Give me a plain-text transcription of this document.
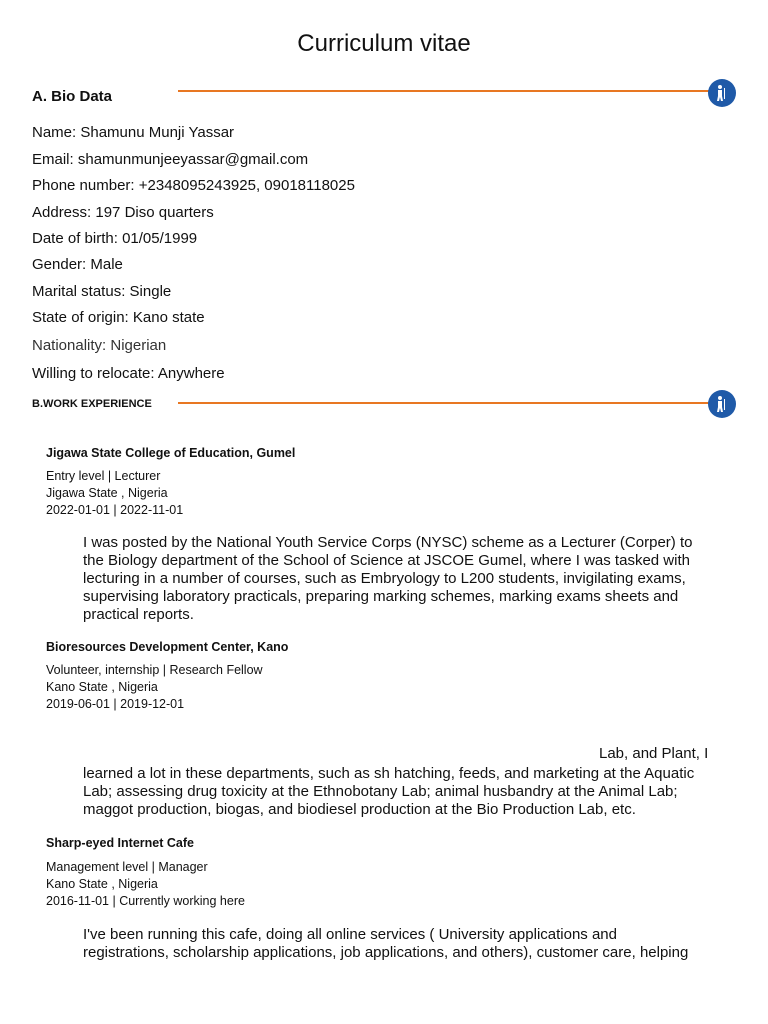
Curriculum vitae
A. Bio Data
Name: Shamunu Munji Yassar
Email: shamunmunjeeyassar@gmail.com
Phone number: +2348095243925, 09018118025
Address: 197 Diso quarters
Date of birth: 01/05/1999
Gender: Male
Marital status: Single
State of origin: Kano state
Nationality: Nigerian
Willing to relocate: Anywhere
B.WORK EXPERIENCE
Jigawa State College of Education, Gumel
Entry level | Lecturer
Jigawa State , Nigeria
2022-01-01 | 2022-11-01
I was posted by the National Youth Service Corps (NYSC) scheme as a Lecturer (Corper) to
the Biology department of the School of Science at JSCOE Gumel, where I was tasked with
lecturing in a number of courses, such as Embryology to L200 students, invigilating exams,
supervising laboratory practicals, preparing marking schemes, marking exams sheets and
practical reports.
Bioresources Development Center, Kano
Volunteer, internship | Research Fellow
Kano State , Nigeria
2019-06-01 | 2019-12-01
Lab, and Plant, I
learned a lot in these departments, such as sh hatching, feeds, and marketing at the Aquatic
Lab; assessing drug toxicity at the Ethnobotany Lab; animal husbandry at the Animal Lab;
maggot production, biogas, and biodiesel production at the Bio Production Lab, etc.
Sharp-eyed Internet Cafe
Management level | Manager
Kano State , Nigeria
2016-11-01 | Currently working here
I've been running this cafe, doing all online services ( University applications and
registrations, scholarship applications, job applications, and others), customer care, helping
